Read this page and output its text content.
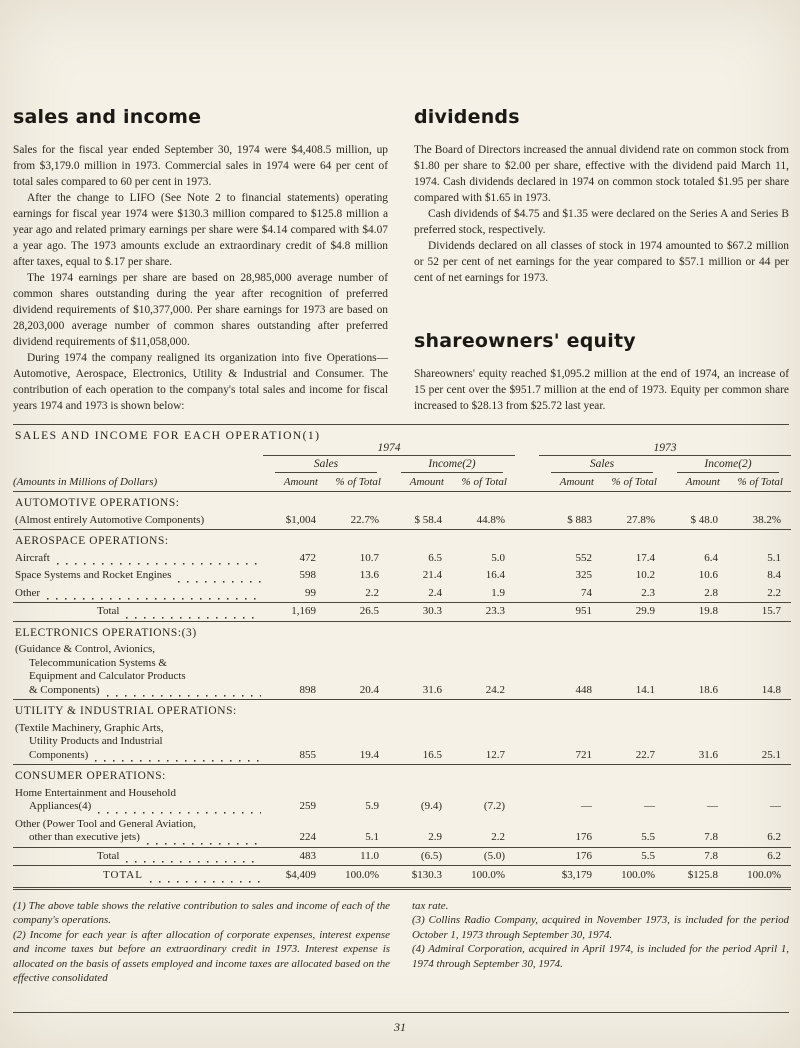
sales and income

Sales for the fiscal year ended September 30, 1974 were $4,408.5 million, up from $3,179.0 million in 1973. Commercial sales in 1974 were 64 per cent of total sales compared to 60 per cent in 1973.

After the change to LIFO (See Note 2 to financial statements) operating earnings for fiscal year 1974 were $130.3 million compared to $125.8 million a year ago and related primary earnings per share were $4.14 compared with $4.07 a year ago. The 1973 amounts exclude an extraordinary credit of $4.8 million after taxes, equal to $.17 per share.

The 1974 earnings per share are based on 28,985,000 average number of common shares outstanding during the year after recognition of preferred dividend requirements of $10,377,000. Per share earnings for 1973 are based on 28,203,000 average number of common shares outstanding after preferred dividend requirements of $11,058,000.

During 1974 the company realigned its organization into five Operations—Automotive, Aerospace, Electronics, Utility & Industrial and Consumer. The contribution of each operation to the company's total sales and income for fiscal years 1974 and 1973 is shown below:

dividends

The Board of Directors increased the annual dividend rate on common stock from $1.80 per share to $2.00 per share, effective with the dividend paid March 11, 1974. Cash dividends declared in 1974 on common stock totaled $1.95 per share compared with $1.65 in 1973.

Cash dividends of $4.75 and $1.35 were declared on the Series A and Series B preferred stock, respectively.

Dividends declared on all classes of stock in 1974 amounted to $67.2 million or 52 per cent of net earnings for the year compared to $57.1 million or 44 per cent of net earnings for 1973.

shareowners' equity

Shareowners' equity reached $1,095.2 million at the end of 1974, an increase of 15 per cent over the $951.7 million at the end of 1973. Equity per common share increased to $28.13 from $25.72 last year.

SALES AND INCOME FOR EACH OPERATION(1)
	1974					1973			

	Sales		Income(2)			Sales		Income(2)	

(Amounts in Millions of Dollars)	Amount	% of Total	Amount	% of Total		Amount	% of Total	Amount	% of Total
AUTOMOTIVE OPERATIONS:									

(Almost entirely Automotive Components)	$1,004	22.7%	$ 58.4	44.8%		$ 883	27.8%	$ 48.0	38.2%
AEROSPACE OPERATIONS:									

Aircraft	472	10.7	6.5	5.0		552	17.4	6.4	5.1

Space Systems and Rocket Engines	598	13.6	21.4	16.4		325	10.2	10.6	8.4

Other	99	2.2	2.4	1.9		74	2.3	2.8	2.2

Total	1,169	26.5	30.3	23.3		951	29.9	19.8	15.7
ELECTRONICS OPERATIONS:(3)									

(Guidance & Control, Avionics,
Telecommunication Systems &
Equipment and Calculator Products
& Components)	898	20.4	31.6	24.2		448	14.1	18.6	14.8
UTILITY & INDUSTRIAL OPERATIONS:									

(Textile Machinery, Graphic Arts,
Utility Products and Industrial
Components)	855	19.4	16.5	12.7		721	22.7	31.6	25.1
CONSUMER OPERATIONS:									

Home Entertainment and Household
Appliances(4)	259	5.9	(9.4)	(7.2)		—	—	—	—

Other (Power Tool and General Aviation,
other than executive jets)	224	5.1	2.9	2.2		176	5.5	7.8	6.2

Total	483	11.0	(6.5)	(5.0)		176	5.5	7.8	6.2

TOTAL	$4,409	100.0%	$130.3	100.0%		$3,179	100.0%	$125.8	100.0%

(1) The above table shows the relative contribution to sales and income of each of the company's operations.

(2) Income for each year is after allocation of corporate expenses, interest expense and income taxes but before an extraordinary credit in 1973. Interest expense is allocated on the basis of assets employed and income taxes are allocated based on the effective consolidated

tax rate.

(3) Collins Radio Company, acquired in November 1973, is included for the period October 1, 1973 through September 30, 1974.

(4) Admiral Corporation, acquired in April 1974, is included for the period April 1, 1974 through September 30, 1974.

31
